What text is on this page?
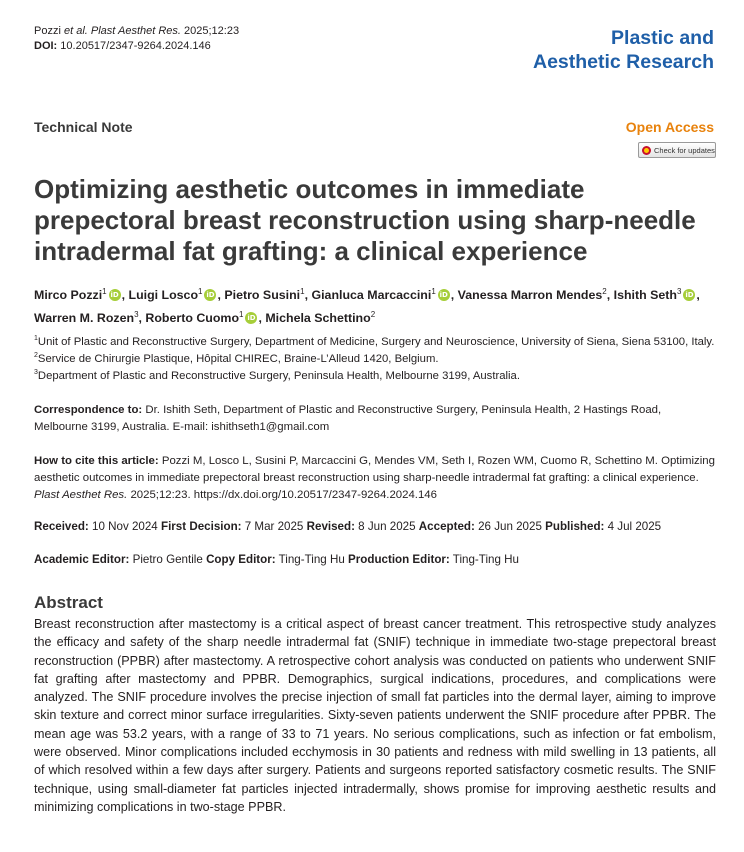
Pozzi et al. Plast Aesthet Res. 2025;12:23
DOI: 10.20517/2347-9264.2024.146	Plastic and
Aesthetic Research
Technical Note	Open Access
Check for updates
Optimizing aesthetic outcomes in immediate prepectoral breast reconstruction using sharp-needle intradermal fat grafting: a clinical experience
Mirco Pozzi$^1$ iD , Luigi Losco$^1$ iD , Pietro Susini$^1$, Gianluca Marcaccini$^1$ iD , Vanessa Marron Mendes$^2$, Ishith Seth$^3$ iD , Warren M. Rozen$^3$, Roberto Cuomo$^1$ iD , Michela Schettino$^2$
$^1$Unit of Plastic and Reconstructive Surgery, Department of Medicine, Surgery and Neuroscience, University of Siena, Siena 53100, Italy.
$^2$Service de Chirurgie Plastique, Hôpital CHIREC, Braine-L’Alleud 1420, Belgium.
$^3$Department of Plastic and Reconstructive Surgery, Peninsula Health, Melbourne 3199, Australia.
Correspondence to: Dr. Ishith Seth, Department of Plastic and Reconstructive Surgery, Peninsula Health, 2 Hastings Road, Melbourne 3199, Australia. E-mail: ishithseth1@gmail.com
How to cite this article: Pozzi M, Losco L, Susini P, Marcaccini G, Mendes VM, Seth I, Rozen WM, Cuomo R, Schettino M. Optimizing aesthetic outcomes in immediate prepectoral breast reconstruction using sharp-needle intradermal fat grafting: a clinical experience. Plast Aesthet Res. 2025;12:23. https://dx.doi.org/10.20517/2347-9264.2024.146
Received: 10 Nov 2024 First Decision: 7 Mar 2025 Revised: 8 Jun 2025 Accepted: 26 Jun 2025 Published: 4 Jul 2025
Academic Editor: Pietro Gentile Copy Editor: Ting-Ting Hu Production Editor: Ting-Ting Hu
Abstract
Breast reconstruction after mastectomy is a critical aspect of breast cancer treatment. This retrospective study analyzes the efficacy and safety of the sharp needle intradermal fat (SNIF) technique in immediate two-stage prepectoral breast reconstruction (PPBR) after mastectomy. A retrospective cohort analysis was conducted on patients who underwent SNIF fat grafting after mastectomy and PPBR. Demographics, surgical indications, procedures, and complications were analyzed. The SNIF procedure involves the precise injection of small fat particles into the dermal layer, aiming to improve skin texture and correct minor surface irregularities. Sixty-seven patients underwent the SNIF procedure after PPBR. The mean age was 53.2 years, with a range of 33 to 71 years. No serious complications, such as infection or fat embolism, were observed. Minor complications included ecchymosis in 30 patients and redness with mild swelling in 13 patients, all of which resolved within a few days after surgery. Patients and surgeons reported satisfactory cosmetic results. The SNIF technique, using small-diameter fat particles injected intradermally, shows promise for improving aesthetic results and minimizing complications in two-stage PPBR.
